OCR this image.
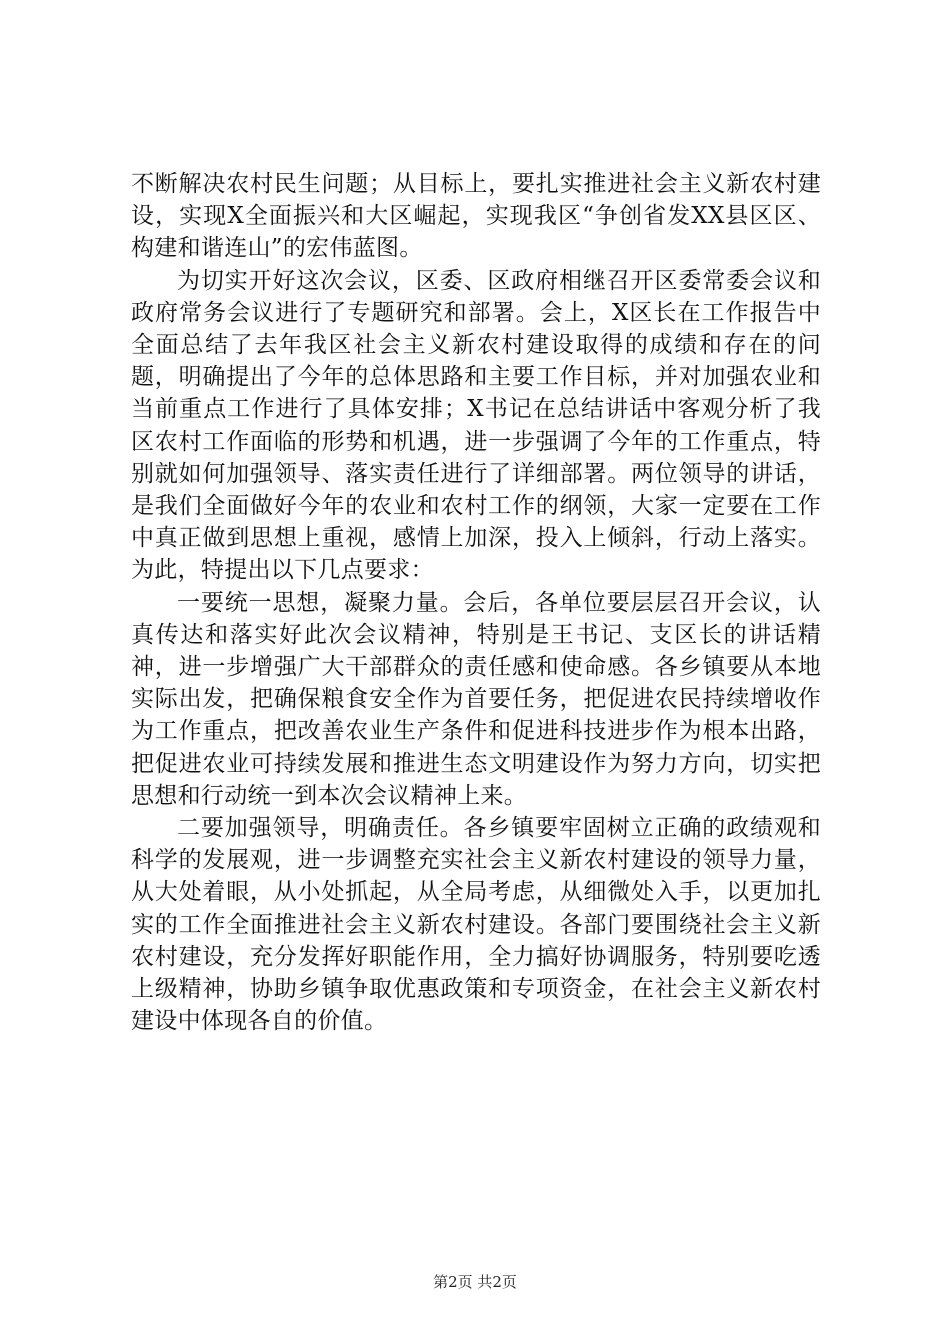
不断解决农村民生问题；从目标上，要扎实推进社会主义新农村建设，实现X全面振兴和大区崛起，实现我区“争创省发XX县区区、构建和谐连山”的宏伟蓝图。

为切实开好这次会议，区委、区政府相继召开区委常委会议和政府常务会议进行了专题研究和部署。会上，X区长在工作报告中全面总结了去年我区社会主义新农村建设取得的成绩和存在的问题，明确提出了今年的总体思路和主要工作目标，并对加强农业和当前重点工作进行了具体安排；X书记在总结讲话中客观分析了我区农村工作面临的形势和机遇，进一步强调了今年的工作重点，特别就如何加强领导、落实责任进行了详细部署。两位领导的讲话，是我们全面做好今年的农业和农村工作的纲领，大家一定要在工作中真正做到思想上重视，感情上加深，投入上倾斜，行动上落实。为此，特提出以下几点要求：

一要统一思想，凝聚力量。会后，各单位要层层召开会议，认真传达和落实好此次会议精神，特别是王书记、支区长的讲话精神，进一步增强广大干部群众的责任感和使命感。各乡镇要从本地实际出发，把确保粮食安全作为首要任务，把促进农民持续增收作为工作重点，把改善农业生产条件和促进科技进步作为根本出路，把促进农业可持续发展和推进生态文明建设作为努力方向，切实把思想和行动统一到本次会议精神上来。

二要加强领导，明确责任。各乡镇要牢固树立正确的政绩观和科学的发展观，进一步调整充实社会主义新农村建设的领导力量，从大处着眼，从小处抓起，从全局考虑，从细微处入手，以更加扎实的工作全面推进社会主义新农村建设。各部门要围绕社会主义新农村建设，充分发挥好职能作用，全力搞好协调服务，特别要吃透上级精神，协助乡镇争取优惠政策和专项资金，在社会主义新农村建设中体现各自的价值。

第2页 共2页
